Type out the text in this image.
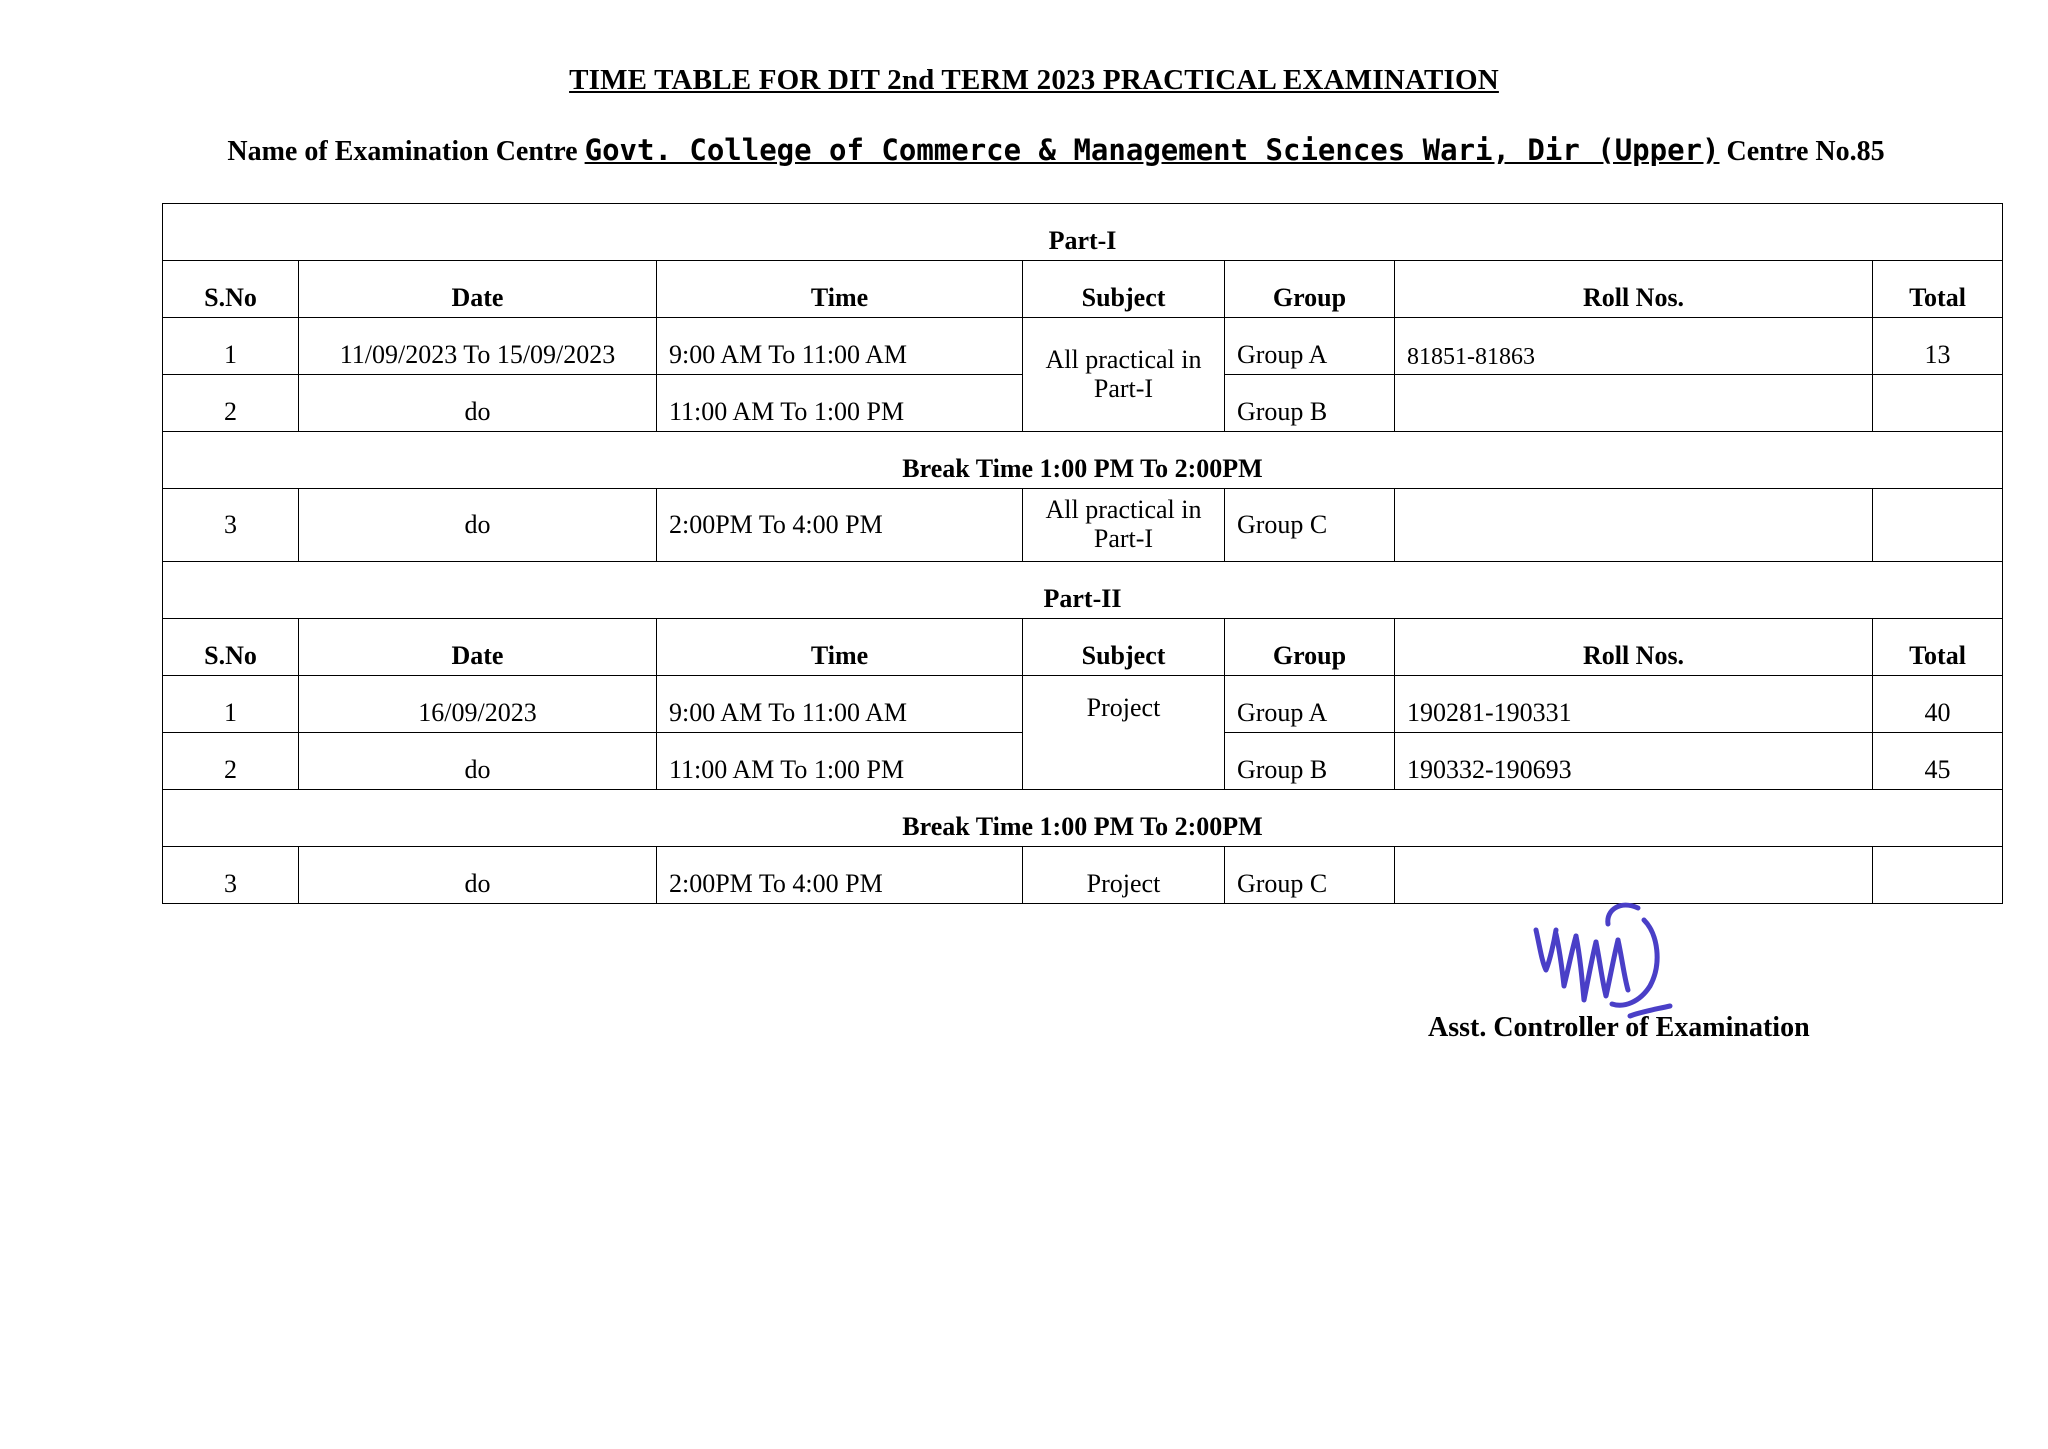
TIME TABLE FOR DIT 2nd TERM 2023 PRACTICAL EXAMINATION
Name of Examination Centre Govt. College of Commerce & Management Sciences Wari, Dir (Upper) Centre No.85
Part-I						
S.No	Date	Time	Subject	Group	Roll Nos.	Total
1	11/09/2023 To 15/09/2023	9:00 AM To 11:00 AM	All practical in Part-I	Group A	81851-81863	13
2	do	11:00 AM To 1:00 PM		Group B		
Break Time 1:00 PM To 2:00PM						
3	do	2:00PM To 4:00 PM	All practical in Part-I	Group C		
Part-II						
S.No	Date	Time	Subject	Group	Roll Nos.	Total
1	16/09/2023	9:00 AM To 11:00 AM	Project	Group A	190281-190331	40
2	do	11:00 AM To 1:00 PM		Group B	190332-190693	45
Break Time 1:00 PM To 2:00PM						
3	do	2:00PM To 4:00 PM	Project	Group C		
Asst. Controller of Examination
